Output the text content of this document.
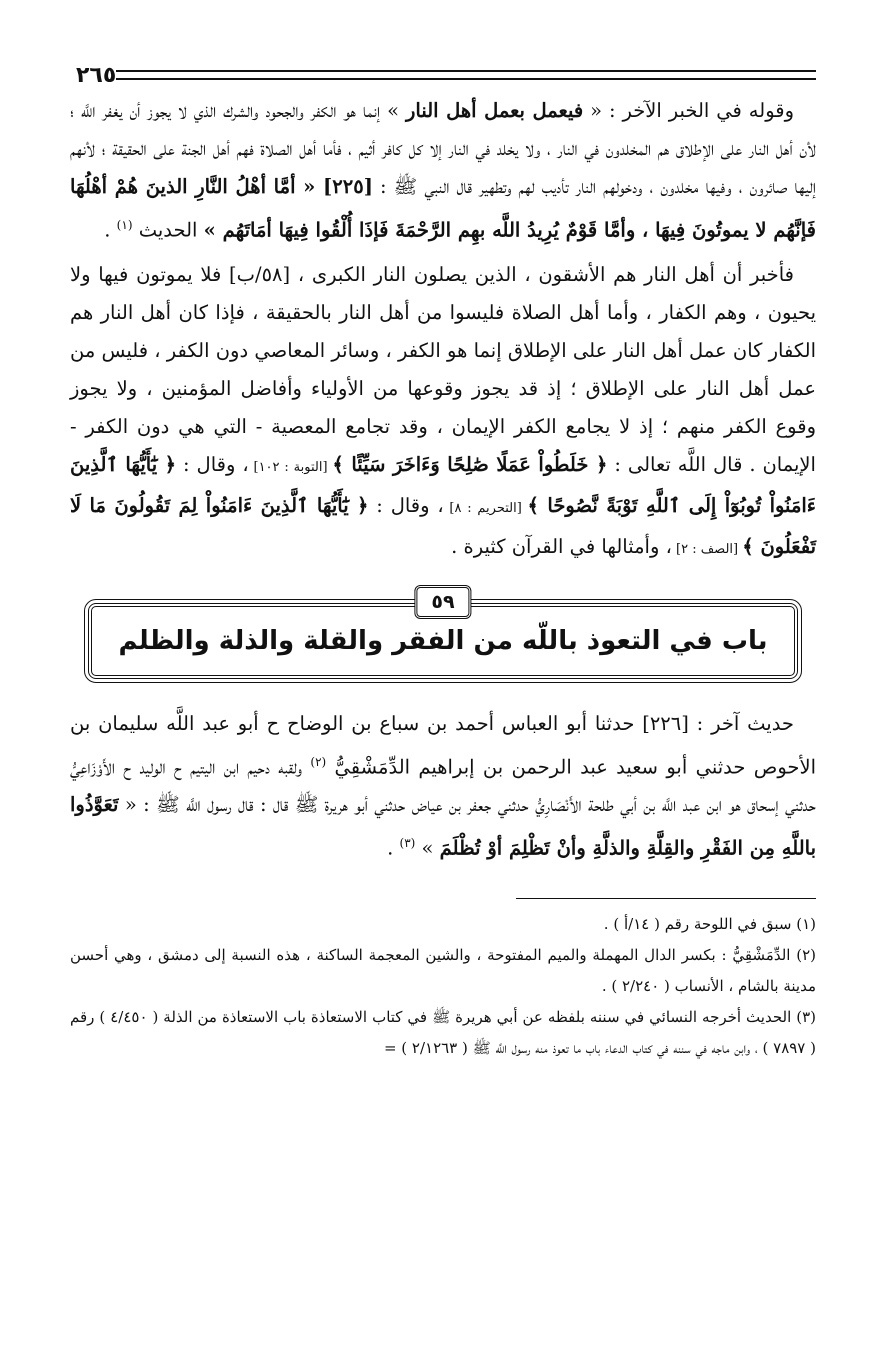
٢٦٥
وقوله في الخبر الآخر : « فيعمل بعمل أهل النار » إنما هو الكفر والجحود والشرك الذي لا يجوز أن يغفر اللَّه ؛ لأن أهل النار على الإطلاق هم المخلدون في النار ، ولا يخلد في النار إلا كل كافر أثيم ، فأما أهل الصلاة فهم أهل الجنة على الحقيقة ؛ لأنهم إليها صائرون ، وفيها مخلدون ، ودخولهم النار تأديب لهم وتطهير قال النبي ﷺ : [٢٢٥] « أمَّا أهْلُ النَّارِ الذينَ هُمْ أهْلُهَا فَإنَّهُم لا يموتُونَ فِيهَا ، وأمَّا قَوْمٌ يُرِيدُ اللَّه بهِم الرَّحْمَةَ فَإذَا أُلْقُوا فِيهَا أمَاتَهُم » الحديث $^{(١)}$ .
فأخبر أن أهل النار هم الأشقون ، الذين يصلون النار الكبرى ، [٥٨/ب] فلا يموتون فيها ولا يحيون ، وهم الكفار ، وأما أهل الصلاة فليسوا من أهل النار بالحقيقة ، فإذا كان أهل النار هم الكفار كان عمل أهل النار على الإطلاق إنما هو الكفر ، وسائر المعاصي دون الكفر ، فليس من عمل أهل النار على الإطلاق ؛ إذ قد يجوز وقوعها من الأولياء وأفاضل المؤمنين ، ولا يجوز وقوع الكفر منهم ؛ إذ لا يجامع الكفر الإيمان ، وقد تجامع المعصية - التي هي دون الكفر - الإيمان . قال اللَّه تعالى : ﴿ خَلَطُواْ عَمَلًا صَٰلِحًا وَءَاخَرَ سَيِّئًا ﴾ [التوبة : ١٠٢] ، وقال : ﴿ يَٰٓأَيُّهَا ٱلَّذِينَ ءَامَنُواْ تُوبُوٓاْ إِلَى ٱللَّهِ تَوْبَةً نَّصُوحًا ﴾ [التحريم : ٨] ، وقال : ﴿ يَٰٓأَيُّهَا ٱلَّذِينَ ءَامَنُواْ لِمَ تَقُولُونَ مَا لَا تَفْعَلُونَ ﴾ [الصف : ٢] ، وأمثالها في القرآن كثيرة .
باب في التعوذ باللّه من الفقر والقلة والذلة والظلم
٥٩
حديث آخر : [٢٢٦] حدثنا أبو العباس أحمد بن سباع بن الوضاح ح أبو عبد اللَّه سليمان بن الأحوص حدثني أبو سعيد عبد الرحمن بن إبراهيم الدِّمَشْقِيُّ $^{(٢)}$ ولقبه دحيم ابن اليتيم ح الوليد ح الأَوْزَاعِيُّ حدثني إسحاق هو ابن عبد اللَّه بن أبي طلحة الأَنْصَارِيُّ حدثني جعفر بن عياض حدثني أبو هريرة ﷺ قال : قال رسول اللَّه ﷺ : « تَعَوَّذُوا باللَّهِ مِن الفَقْرِ والقِلَّةِ والذلَّةِ وأنْ تَظْلِمَ أوْ تُظْلَمَ » $^{(٣)}$ .

(١) سبق في اللوحة رقم ( ١٤/أ ) .

(٢) الدِّمَشْقِيُّ : بكسر الدال المهملة والميم المفتوحة ، والشين المعجمة الساكنة ، هذه النسبة إلى دمشق ، وهي أحسن مدينة بالشام ، الأنساب ( ٢/٢٤٠ ) .

(٣) الحديث أخرجه النسائي في سننه بلفظه عن أبي هريرة ﷺ في كتاب الاستعاذة باب الاستعاذة من الذلة ( ٤/٤٥٠ ) رقم ( ٧٨٩٧ ) ، وابن ماجه في سننه في كتاب الدعاء باب ما تعوذ منه رسول اللَّه ﷺ ( ٢/١٢٦٣ ) =
